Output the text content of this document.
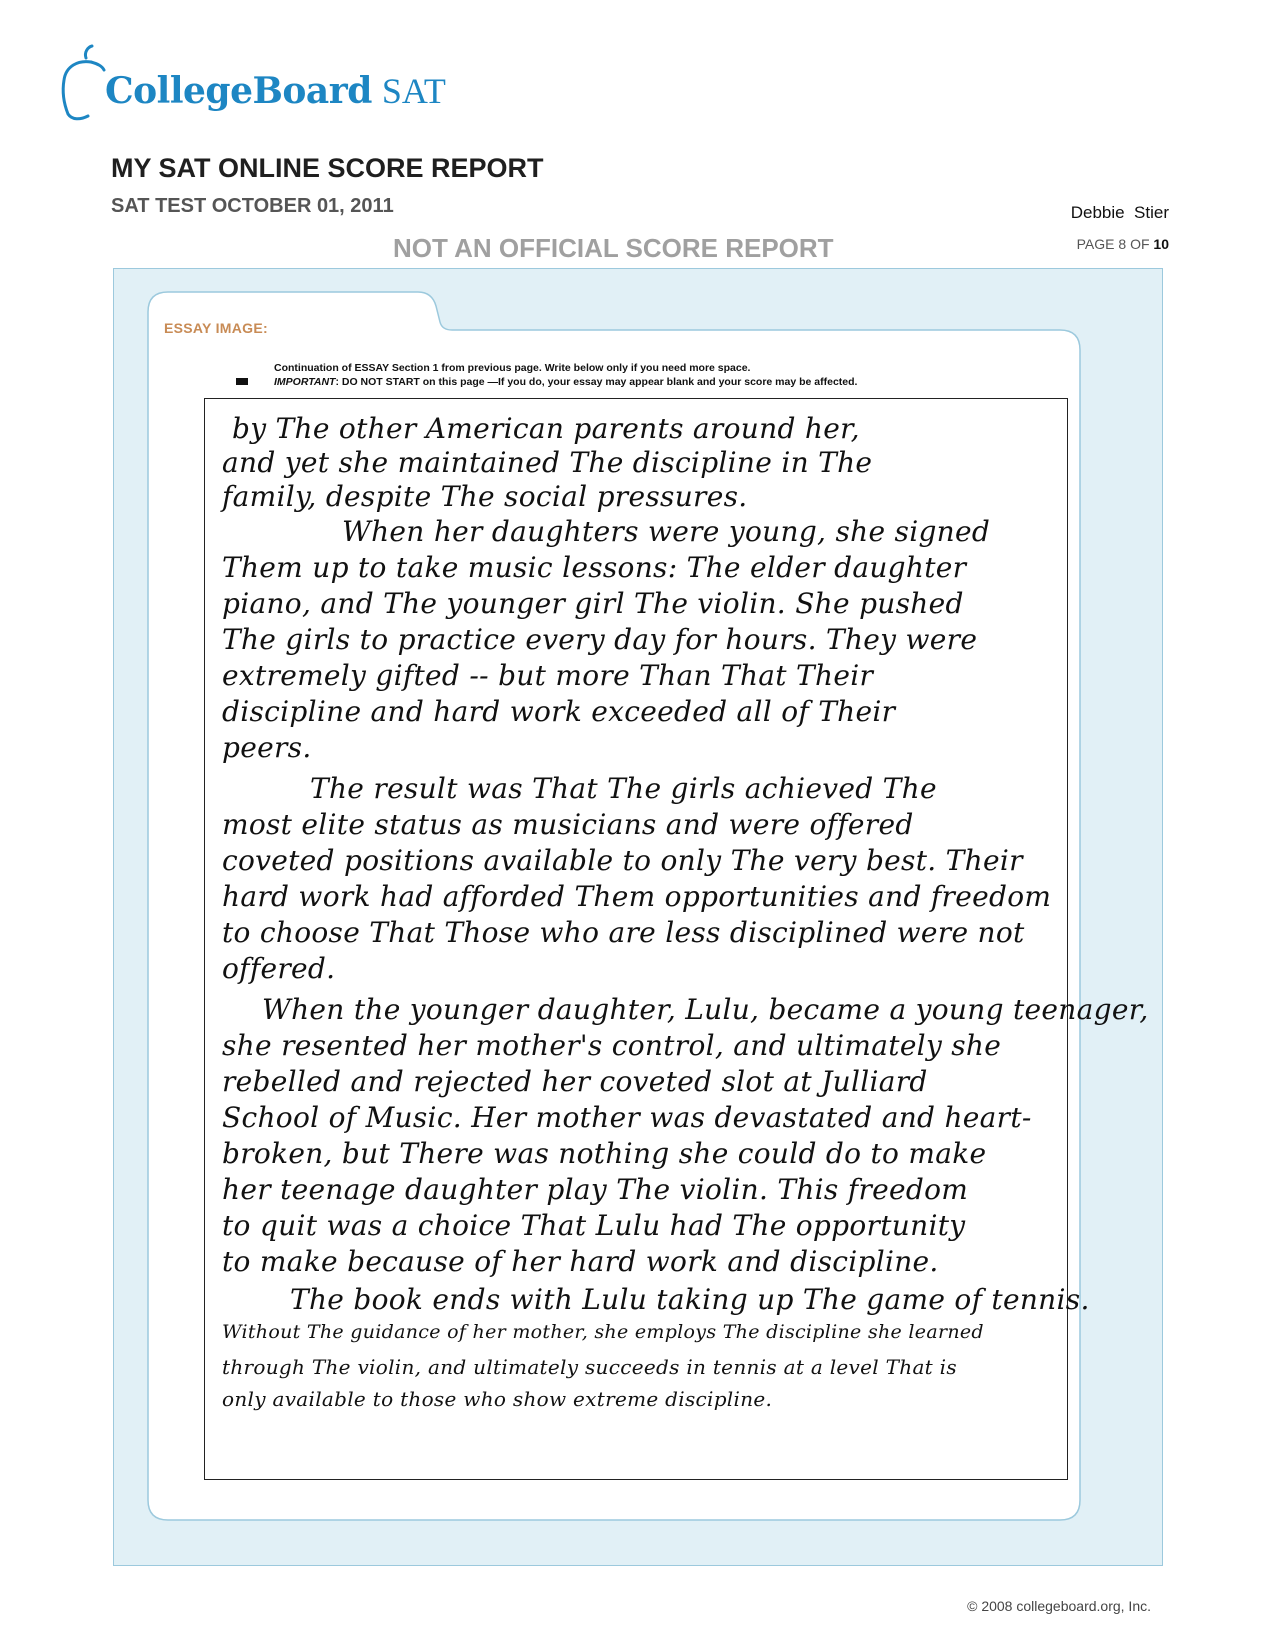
CollegeBoard SAT
MY SAT ONLINE SCORE REPORT
SAT TEST OCTOBER 01, 2011	Debbie  Stier
NOT AN OFFICIAL SCORE REPORT	PAGE 8 OF 10
ESSAY IMAGE:
Continuation of ESSAY Section 1 from previous page. Write below only if you need more space.
IMPORTANT: DO NOT START on this page —If you do, your essay may appear blank and your score may be affected.
by The other American parents around her,
and yet she maintained The discipline in The
family, despite The social pressures.
When her daughters were young, she signed
Them up to take music lessons: The elder daughter
piano, and The younger girl The violin. She pushed
The girls to practice every day for hours. They were
extremely gifted -- but more Than That Their
discipline and hard work exceeded all of Their
peers.
The result was That The girls achieved The
most elite status as musicians and were offered
coveted positions available to only The very best. Their
hard work had afforded Them opportunities and freedom
to choose That Those who are less disciplined were not
offered.
When the younger daughter, Lulu, became a young teenager,
she resented her mother's control, and ultimately she
rebelled and rejected her coveted slot at Julliard
School of Music. Her mother was devastated and heart-
broken, but There was nothing she could do to make
her teenage daughter play The violin. This freedom
to quit was a choice That Lulu had The opportunity
to make because of her hard work and discipline.
The book ends with Lulu taking up The game of tennis.
Without The guidance of her mother, she employs The discipline she learned
through The violin, and ultimately succeeds in tennis at a level That is
only available to those who show extreme discipline.
© 2008 collegeboard.org, Inc.
